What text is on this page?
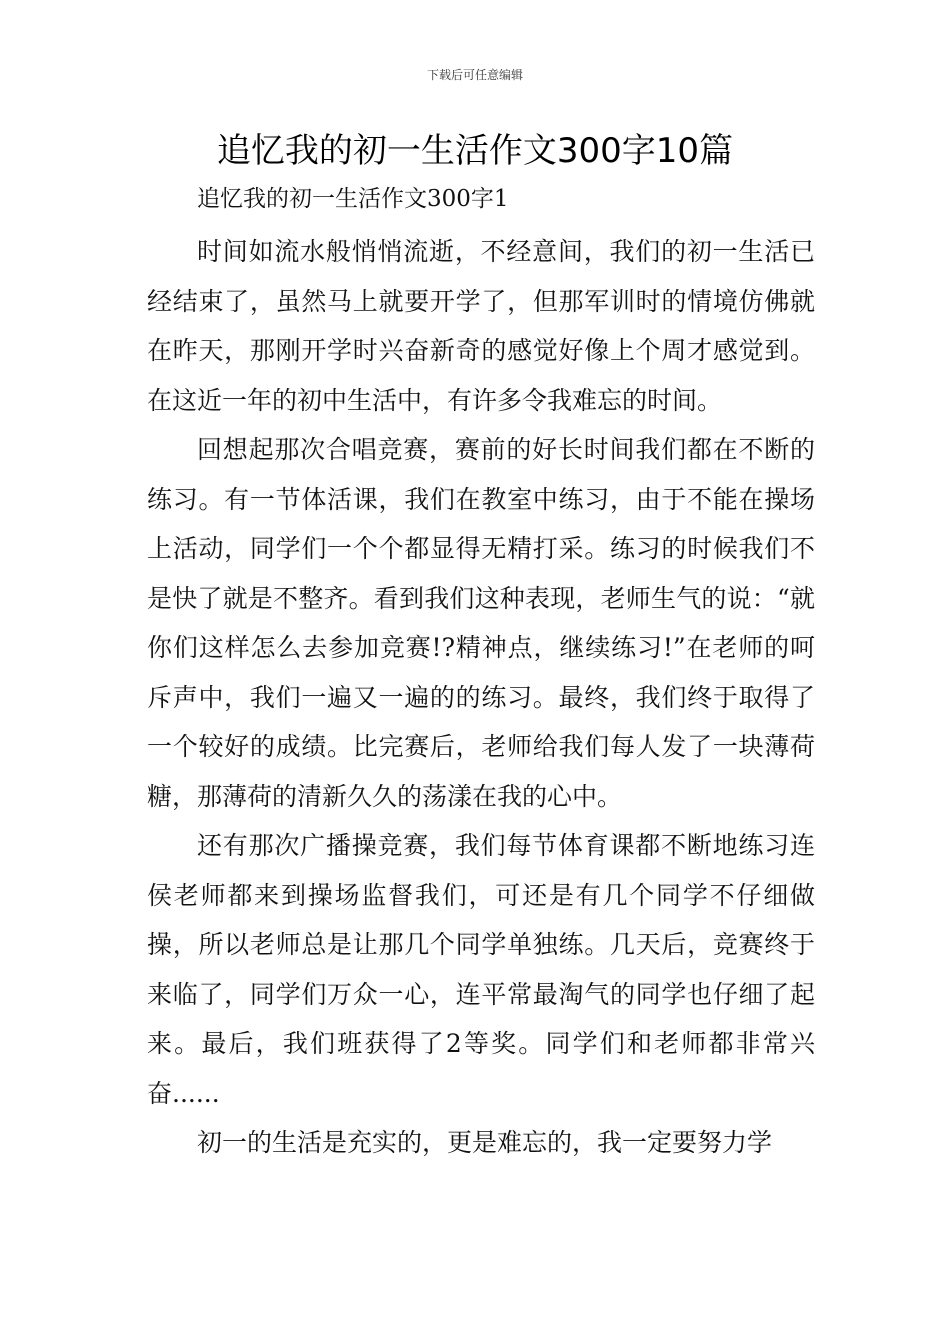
下载后可任意编辑
追忆我的初一生活作文300字10篇
追忆我的初一生活作文300字1

时间如流水般悄悄流逝，不经意间，我们的初一生活已经结束了，虽然马上就要开学了，但那军训时的情境仿佛就在昨天，那刚开学时兴奋新奇的感觉好像上个周才感觉到。在这近一年的初中生活中，有许多令我难忘的时间。

回想起那次合唱竞赛，赛前的好长时间我们都在不断的练习。有一节体活课，我们在教室中练习，由于不能在操场上活动，同学们一个个都显得无精打采。练习的时候我们不是快了就是不整齐。看到我们这种表现，老师生气的说：“就你们这样怎么去参加竞赛!?精神点，继续练习!”在老师的呵斥声中，我们一遍又一遍的的练习。最终，我们终于取得了一个较好的成绩。比完赛后，老师给我们每人发了一块薄荷糖，那薄荷的清新久久的荡漾在我的心中。

还有那次广播操竞赛，我们每节体育课都不断地练习连侯老师都来到操场监督我们，可还是有几个同学不仔细做操，所以老师总是让那几个同学单独练。几天后，竞赛终于来临了，同学们万众一心，连平常最淘气的同学也仔细了起来。最后，我们班获得了2等奖。同学们和老师都非常兴奋......

初一的生活是充实的，更是难忘的，我一定要努力学
